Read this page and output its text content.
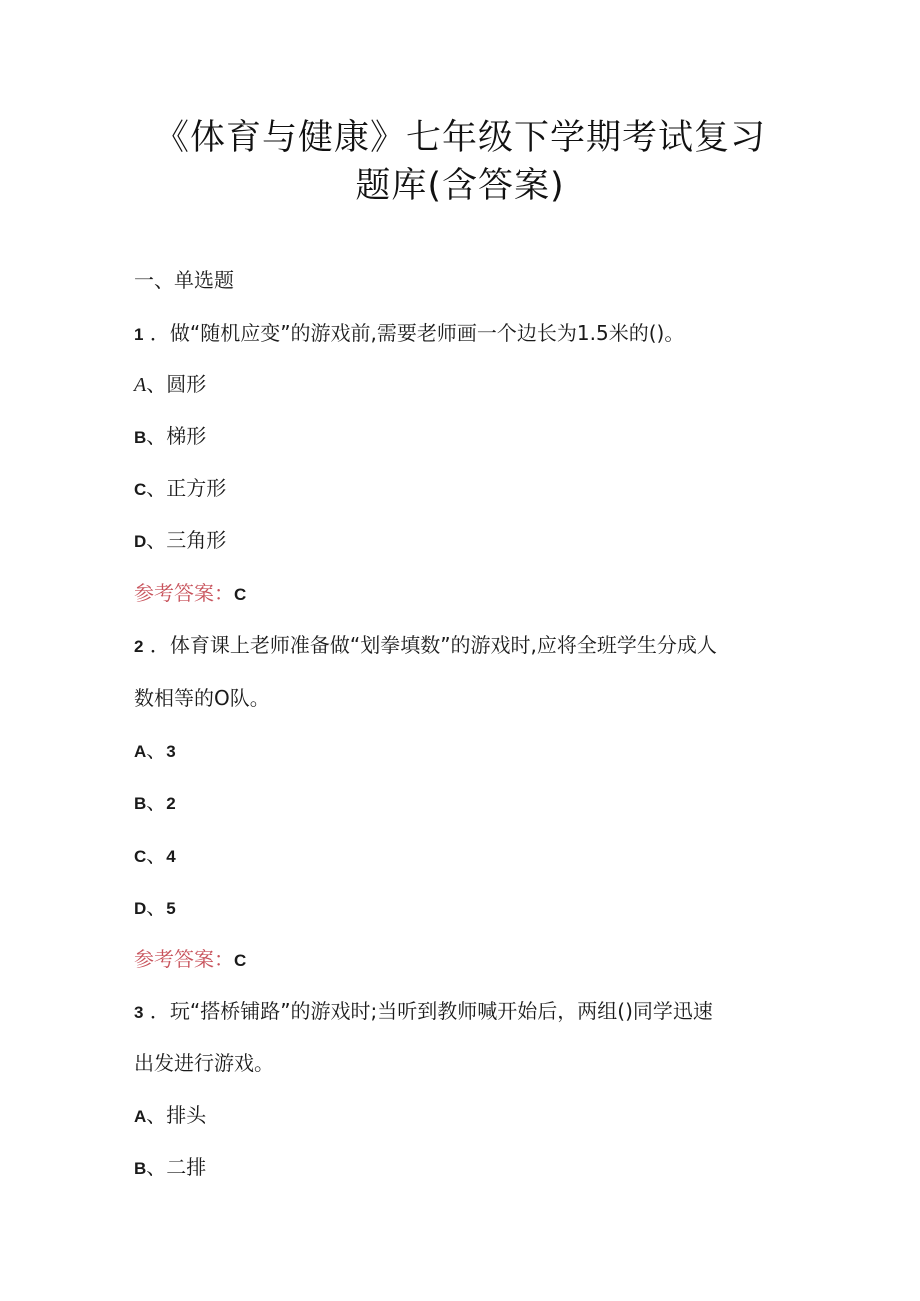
《体育与健康》七年级下学期考试复习
题库(含答案)
一、单选题
1 ．做“随机应变”的游戏前,需要老师画一个边长为1.5米的()。
A、圆形
B、梯形
C、正方形
D、三角形
参考答案：C
2 ．体育课上老师准备做“划拳填数”的游戏时,应将全班学生分成人
数相等的O队。
A、3
B、2
C、4
D、5
参考答案：C
3 ．玩“搭桥铺路”的游戏时;当听到教师喊开始后，两组()同学迅速
出发进行游戏。
A、排头
B、二排
